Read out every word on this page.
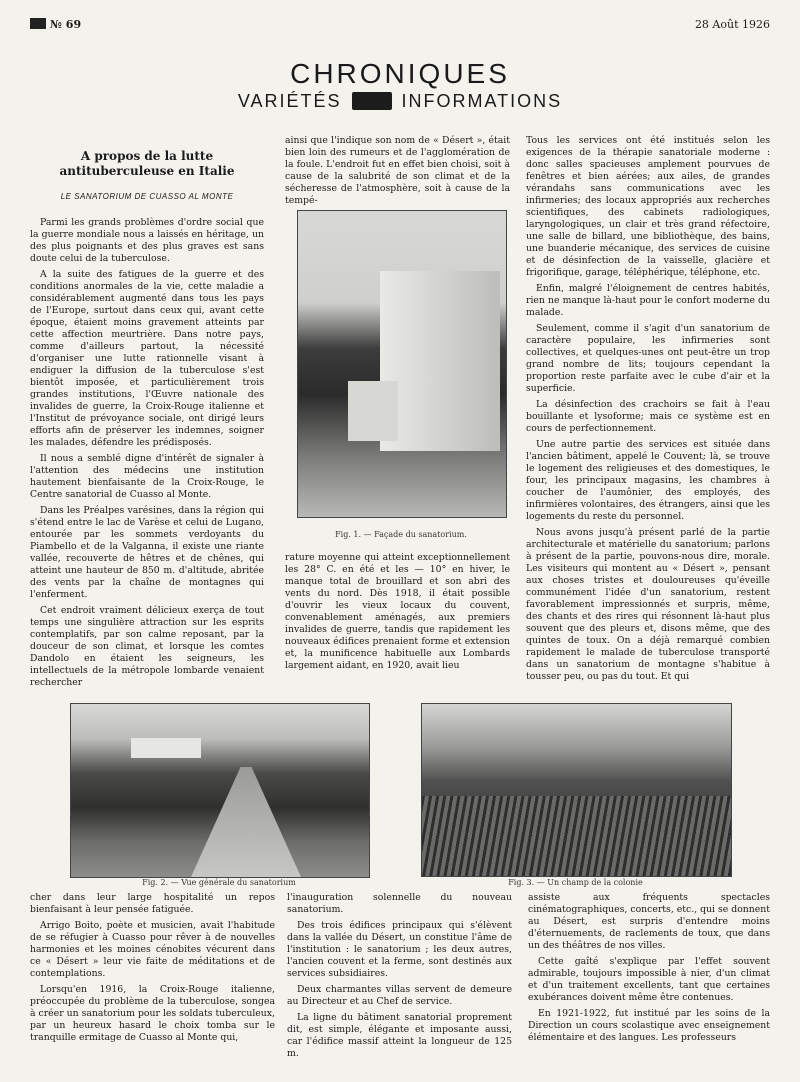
№ 69	28 Août 1926
CHRONIQUES
VARIÉTÉS	INFORMATIONS
A propos de la lutte antituberculeuse en Italie
LE SANATORIUM DE CUASSO AL MONTE

Parmi les grands problèmes d'ordre social que la guerre mondiale nous a laissés en héritage, un des plus poignants et des plus graves est sans doute celui de la tuberculose.

A la suite des fatigues de la guerre et des conditions anormales de la vie, cette maladie a considérablement augmenté dans tous les pays de l'Europe, surtout dans ceux qui, avant cette époque, étaient moins gravement atteints par cette affection meurtrière. Dans notre pays, comme d'ailleurs partout, la nécessité d'organiser une lutte rationnelle visant à endiguer la diffusion de la tuberculose s'est bientôt imposée, et particulièrement trois grandes institutions, l'Œuvre nationale des invalides de guerre, la Croix-Rouge italienne et l'Institut de prévoyance sociale, ont dirigé leurs efforts afin de préserver les indemnes, soigner les malades, défendre les prédisposés.

Il nous a semblé digne d'intérêt de signaler à l'attention des médecins une institution hautement bienfaisante de la Croix-Rouge, le Centre sanatorial de Cuasso al Monte.

Dans les Préalpes varésines, dans la région qui s'étend entre le lac de Varèse et celui de Lugano, entourée par les sommets verdoyants du Piambello et de la Valganna, il existe une riante vallée, recouverte de hêtres et de chênes, qui atteint une hauteur de 850 m. d'altitude, abritée des vents par la chaîne de montagnes qui l'enferment.

Cet endroit vraiment délicieux exerça de tout temps une singulière attraction sur les esprits contemplatifs, par son calme reposant, par la douceur de son climat, et lorsque les comtes Dandolo en étaient les seigneurs, les intellectuels de la métropole lombarde venaient rechercher

ainsi que l'indique son nom de « Désert », était bien loin des rumeurs et de l'agglomération de la foule. L'endroit fut en effet bien choisi, soit à cause de la salubrité de son climat et de la sécheresse de l'atmosphère, soit à cause de la tempé-

Fig. 1. — Façade du sanatorium.

rature moyenne qui atteint exceptionnellement les 28° C. en été et les — 10° en hiver, le manque total de brouillard et son abri des vents du nord. Dès 1918, il était possible d'ouvrir les vieux locaux du couvent, convenablement aménagés, aux premiers invalides de guerre, tandis que rapidement les nouveaux édifices prenaient forme et extension et, la munificence habituelle aux Lombards largement aidant, en 1920, avait lieu

Tous les services ont été institués selon les exigences de la thérapie sanatoriale moderne : donc salles spacieuses amplement pourvues de fenêtres et bien aérées; aux ailes, de grandes vérandahs sans communications avec les infirmeries; des locaux appropriés aux recherches scientifiques, des cabinets radiologiques, laryngologiques, un clair et très grand réfectoire, une salle de billard, une bibliothèque, des bains, une buanderie mécanique, des services de cuisine et de désinfection de la vaisselle, glacière et frigorifique, garage, téléphérique, téléphone, etc.

Enfin, malgré l'éloignement de centres habités, rien ne manque là-haut pour le confort moderne du malade.

Seulement, comme il s'agit d'un sanatorium de caractère populaire, les infirmeries sont collectives, et quelques-unes ont peut-être un trop grand nombre de lits; toujours cependant la proportion reste parfaite avec le cube d'air et la superficie.

La désinfection des crachoirs se fait à l'eau bouillante et lysoforme; mais ce système est en cours de perfectionnement.

Une autre partie des services est située dans l'ancien bâtiment, appelé le Couvent; là, se trouve le logement des religieuses et des domestiques, le four, les principaux magasins, les chambres à coucher de l'aumônier, des employés, des infirmières volontaires, des étrangers, ainsi que les logements du reste du personnel.

Nous avons jusqu'à présent parlé de la partie architecturale et matérielle du sanatorium; parlons à présent de la partie, pouvons-nous dire, morale. Les visiteurs qui montent au « Désert », pensant aux choses tristes et douloureuses qu'éveille communément l'idée d'un sanatorium, restent favorablement impressionnés et surpris, même, des chants et des rires qui résonnent là-haut plus souvent que des pleurs et, disons même, que des quintes de toux. On a déjà remarqué combien rapidement le malade de tuberculose transporté dans un sanatorium de montagne s'habitue à tousser peu, ou pas du tout. Et qui

Fig. 2. — Vue générale du sanatorium	Fig. 3. — Un champ de la colonie

cher dans leur large hospitalité un repos bienfaisant à leur pensée fatiguée.

Arrigo Boito, poète et musicien, avait l'habitude de se réfugier à Cuasso pour rêver à de nouvelles harmonies et les moines cénobites vécurent dans ce « Désert » leur vie faite de méditations et de contemplations.

Lorsqu'en 1916, la Croix-Rouge italienne, préoccupée du problème de la tuberculose, songea à créer un sanatorium pour les soldats tuberculeux, par un heureux hasard le choix tomba sur le tranquille ermitage de Cuasso al Monte qui,

l'inauguration solennelle du nouveau sanatorium.

Des trois édifices principaux qui s'élèvent dans la vallée du Désert, un constitue l'âme de l'institution : le sanatorium ; les deux autres, l'ancien couvent et la ferme, sont destinés aux services subsidiaires.

Deux charmantes villas servent de demeure au Directeur et au Chef de service.

La ligne du bâtiment sanatorial proprement dit, est simple, élégante et imposante aussi, car l'édifice massif atteint la longueur de 125 m.

assiste aux fréquents spectacles cinématographiques, concerts, etc., qui se donnent au Désert, est surpris d'entendre moins d'éternuements, de raclements de toux, que dans un des théâtres de nos villes.

Cette gaîté s'explique par l'effet souvent admirable, toujours impossible à nier, d'un climat et d'un traitement excellents, tant que certaines exubérances doivent même être contenues.

En 1921-1922, fut institué par les soins de la Direction un cours scolastique avec enseignement élémentaire et des langues. Les professeurs
